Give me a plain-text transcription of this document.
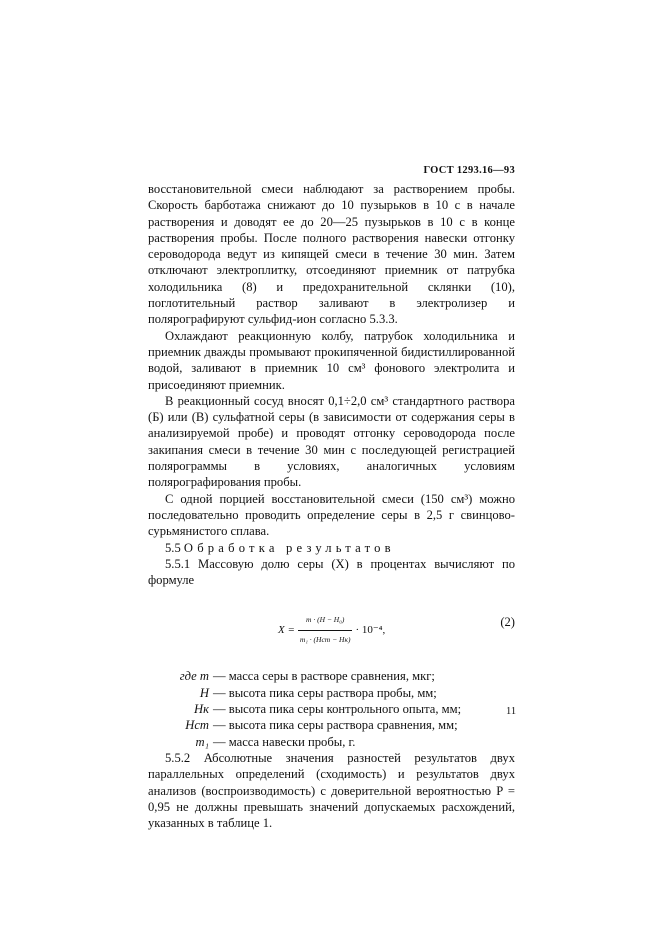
ГОСТ 1293.16—93

восстановительной смеси наблюдают за растворением пробы. Скорость барботажа снижают до 10 пузырьков в 10 с в начале растворения и доводят ее до 20—25 пузырьков в 10 с в конце растворения пробы. После полного растворения навески отгонку сероводорода ведут из кипящей смеси в течение 30 мин. Затем отключают электроплитку, отсоединяют приемник от патрубка холодильника (8) и предохранительной склянки (10), поглотительный раствор заливают в электролизер и полярографируют сульфид-ион согласно 5.3.3.

Охлаждают реакционную колбу, патрубок холодильника и приемник дважды промывают прокипяченной бидистиллированной водой, заливают в приемник 10 см³ фонового электролита и присоединяют приемник.

В реакционный сосуд вносят 0,1÷2,0 см³ стандартного раствора (Б) или (В) сульфатной серы (в зависимости от содержания серы в анализируемой пробе) и проводят отгонку сероводорода после закипания смеси в течение 30 мин с последующей регистрацией полярограммы в условиях, аналогичных условиям полярографирования пробы.

С одной порцией восстановительной смеси (150 см³) можно последовательно проводить определение серы в 2,5 г свинцово-сурьмянистого сплава.

5.5 Обработка результатов

5.5.1 Массовую долю серы (X) в процентах вычисляют по формуле

$X = \frac{\text{m · (H − H₀)}}{\text{m₁ · (Hст − Hк)}} \cdot 10^{-4}$,
(2)
где m — масса серы в растворе сравнения, мкг;
H — высота пика серы раствора пробы, мм;
Hк — высота пика серы контрольного опыта, мм;
Hст — высота пика серы раствора сравнения, мм;
m₁ — масса навески пробы, г.

5.5.2 Абсолютные значения разностей результатов двух параллельных определений (сходимость) и результатов двух анализов (воспроизводимость) с доверительной вероятностью P = 0,95 не должны превышать значений допускаемых расхождений, указанных в таблице 1.

11
